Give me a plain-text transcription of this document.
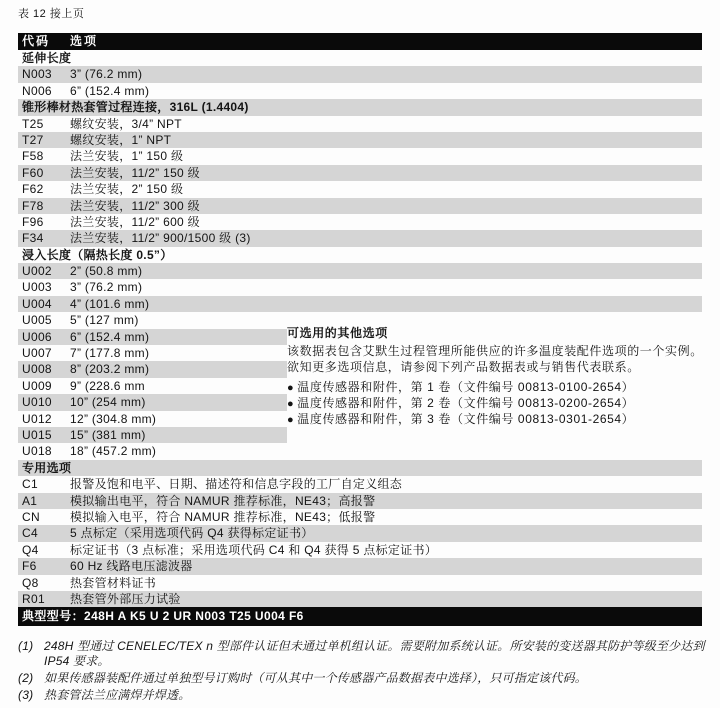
表 12 接上页
代码	选项
延伸长度
N003	3” (76.2 mm)
N006	6” (152.4 mm)
锥形棒材热套管过程连接，316L (1.4404)
T25	螺纹安装，3/4” NPT
T27	螺纹安装，1” NPT
F58	法兰安装，1” 150 级
F60	法兰安装，11/2” 150 级
F62	法兰安装，2” 150 级
F78	法兰安装，11/2” 300 级
F96	法兰安装，11/2” 600 级
F34	法兰安装，11/2” 900/1500 级 (3)
浸入长度（隔热长度 0.5”）
U002	2” (50.8 mm)
U003	3” (76.2 mm)
U004	4” (101.6 mm)
U005	5” (127 mm)
U006	6” (152.4 mm)
U007	7” (177.8 mm)
U008	8” (203.2 mm)
U009	9” (228.6 mm
U010	10” (254 mm)
U012	12” (304.8 mm)
U015	15” (381 mm)
U018	18” (457.2 mm)
专用选项
C1	报警及饱和电平、日期、描述符和信息字段的工厂自定义组态
A1	模拟输出电平，符合 NAMUR 推荐标准，NE43；高报警
CN	模拟输入电平，符合 NAMUR 推荐标准，NE43；低报警
C4	5 点标定（采用选项代码 Q4 获得标定证书）
Q4	标定证书（3 点标准；采用选项代码 C4 和 Q4 获得 5 点标定证书）
F6	60 Hz 线路电压滤波器
Q8	热套管材料证书
R01	热套管外部压力试验
典型型号：248H A K5 U 2 UR N003 T25 U004 F6
可选用的其他选项
该数据表包含艾默生过程管理所能供应的许多温度装配件选项的一个实例。欲知更多选项信息，请参阅下列产品数据表或与销售代表联系。
● 温度传感器和附件，第 1 卷（文件编号 00813-0100-2654）
● 温度传感器和附件，第 2 卷（文件编号 00813-0200-2654）
● 温度传感器和附件，第 3 卷（文件编号 00813-0301-2654）
(1) 248H 型通过 CENELEC/TEX n 型部件认证但未通过单机组认证。需要附加系统认证。所安装的变送器其防护等级至少达到 IP54 要求。
(2) 如果传感器装配件通过单独型号订购时（可从其中一个传感器产品数据表中选择），只可指定该代码。
(3) 热套管法兰应满焊并焊透。
